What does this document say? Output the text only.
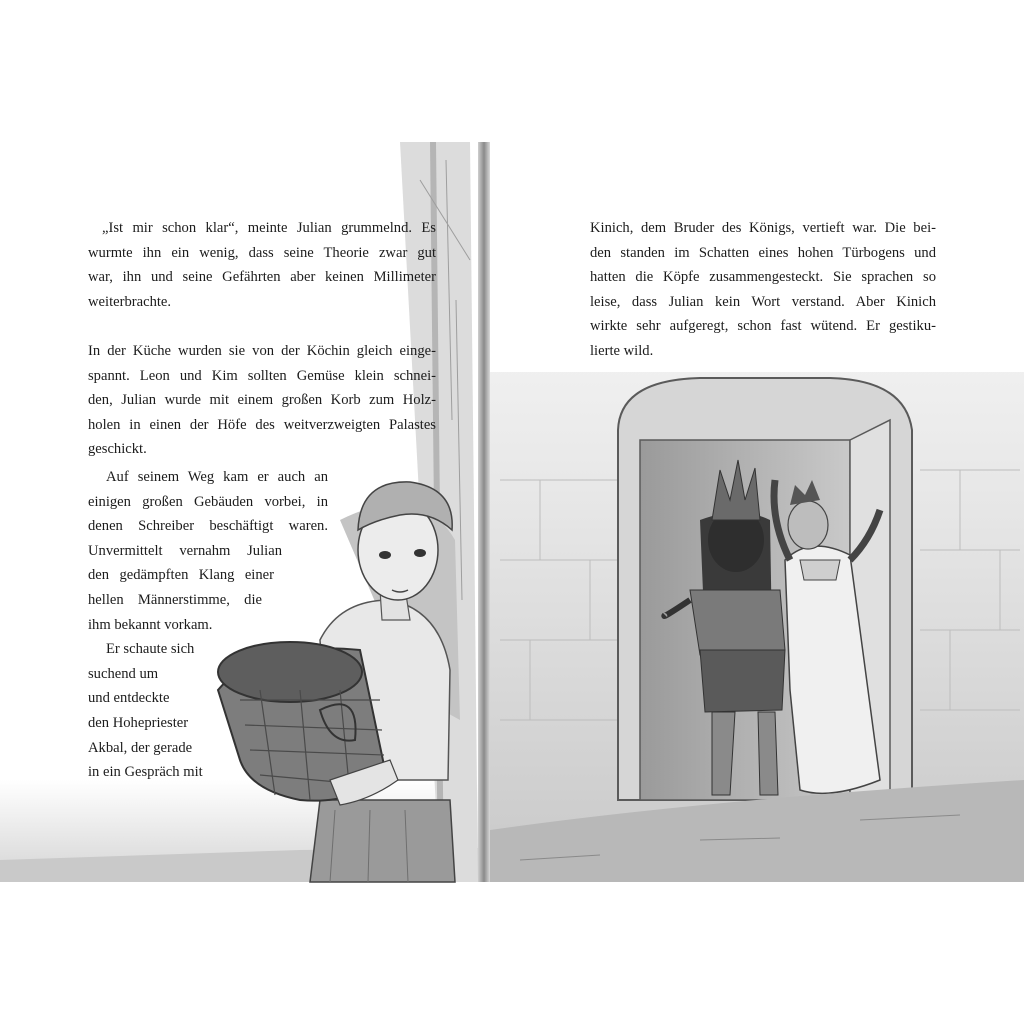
„Ist mir schon klar“, meinte Julian grummelnd. Es
wurmte ihn ein wenig, dass seine Theorie zwar gut
war, ihn und seine Gefährten aber keinen Millimeter
weiterbrachte.
In der Küche wurden sie von der Köchin gleich einge-
spannt. Leon und Kim sollten Gemüse klein schnei-
den, Julian wurde mit einem großen Korb zum Holz-
holen in einen der Höfe des weitverzweigten Palastes
geschickt.
Auf seinem Weg kam er auch an
einigen großen Gebäuden vorbei, in
denen Schreiber beschäftigt waren.
Unvermittelt vernahm Julian
den gedämpften Klang einer
hellen Männerstimme, die
ihm bekannt vorkam.
Er schaute sich
suchend um
und entdeckte
den Hohepriester
Akbal, der gerade
in ein Gespräch mit
Kinich, dem Bruder des Königs, vertieft war. Die bei-
den standen im Schatten eines hohen Türbogens und
hatten die Köpfe zusammengesteckt. Sie sprachen so
leise, dass Julian kein Wort verstand. Aber Kinich
wirkte sehr aufgeregt, schon fast wütend. Er gestiku-
lierte wild.
